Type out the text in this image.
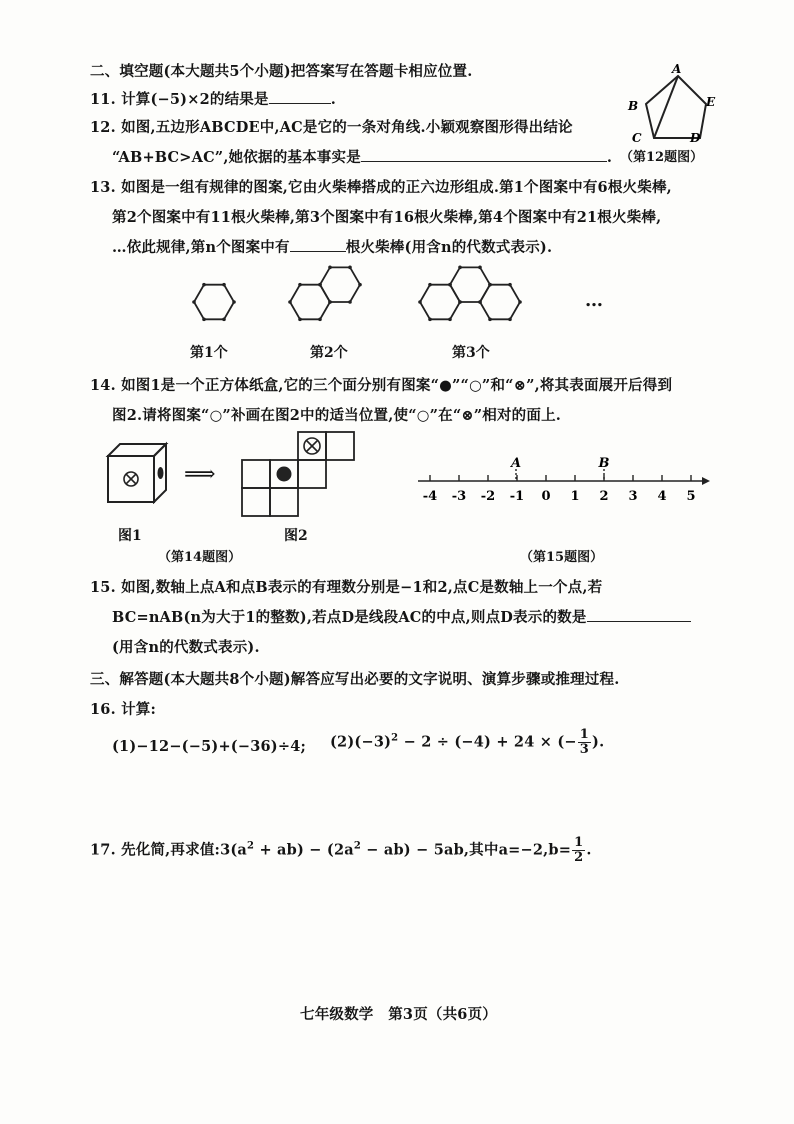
二、填空题(本大题共5个小题)把答案写在答题卡相应位置.
11. 计算(−5)×2的结果是	.
12. 如图,五边形ABCDE中,AC是它的一条对角线.小颖观察图形得出结论
“AB+BC>AC”,她依据的基本事实是	.
A
B
C	D
E
（第12题图）
13. 如图是一组有规律的图案,它由火柴棒搭成的正六边形组成.第1个图案中有6根火柴棒,
第2个图案中有11根火柴棒,第3个图案中有16根火柴棒,第4个图案中有21根火柴棒,
…依此规律,第n个图案中有	根火柴棒(用含n的代数式表示).
…
第1个	第2个	第3个
14. 如图1是一个正方体纸盒,它的三个面分别有图案“●”“○”和“⊗”,将其表面展开后得到
图2.请将图案“○”补画在图2中的适当位置,使“○”在“⊗”相对的面上.
⟹
图1	图2
（第14题图）
-4 -3 -2 -1 0 1 2 3 4 5
A	B
（第15题图）
15. 如图,数轴上点A和点B表示的有理数分别是−1和2,点C是数轴上一个点,若
BC=nAB(n为大于1的整数),若点D是线段AC的中点,则点D表示的数是
(用含n的代数式表示).
三、解答题(本大题共8个小题)解答应写出必要的文字说明、演算步骤或推理过程.
16. 计算:
(1)−12−(−5)+(−36)÷4; $(2)(-3)^2 - 2 \div (-4) + 24$ × (− $\frac{1}{3}$ ).
17. 先化简,再求值$:3(a^2 + ab) - (2a^2 - ab) - 5ab$,其中$a=-2,b= \frac{1}{2}$ .
七年级数学　第3页（共6页）
